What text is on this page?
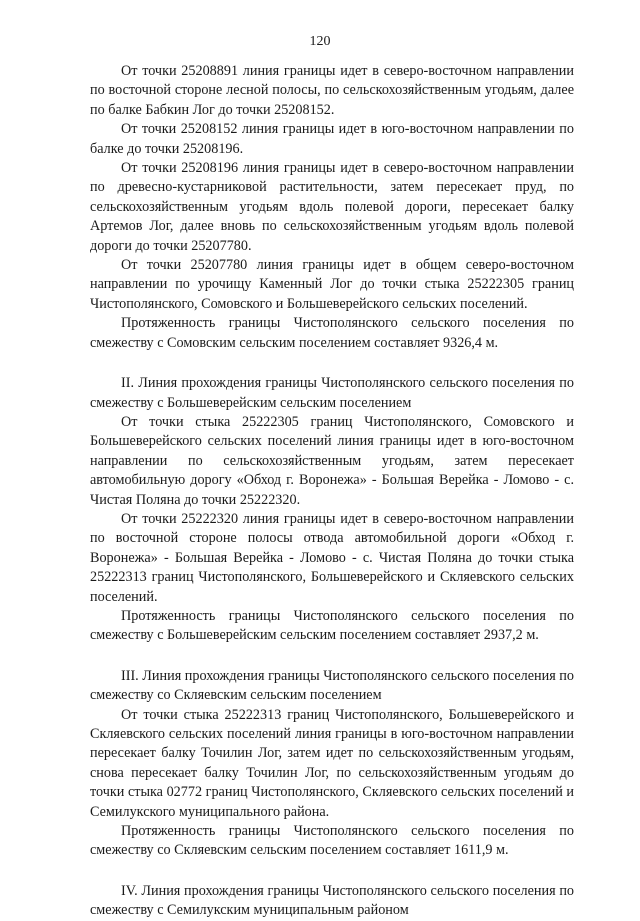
120

От точки 25208891 линия границы идет в северо-восточном направлении по восточной стороне лесной полосы, по сельскохозяйственным угодьям, далее по балке Бабкин Лог до точки 25208152.

От точки 25208152 линия границы идет в юго-восточном направлении по балке до точки 25208196.

От точки 25208196 линия границы идет в северо-восточном направлении по древесно-кустарниковой растительности, затем пересекает пруд, по сельскохозяйственным угодьям вдоль полевой дороги, пересекает балку Артемов Лог, далее вновь по сельскохозяйственным угодьям вдоль полевой дороги до точки 25207780.

От точки 25207780 линия границы идет в общем северо-восточном направлении по урочищу Каменный Лог до точки стыка 25222305 границ Чистополянского, Сомовского и Большеверейского сельских поселений.

Протяженность границы Чистополянского сельского поселения по смежеству с Сомовским сельским поселением составляет 9326,4 м.

II. Линия прохождения границы Чистополянского сельского поселения по смежеству с Большеверейским сельским поселением

От точки стыка 25222305 границ Чистополянского, Сомовского и Большеверейского сельских поселений линия границы идет в юго-восточном направлении по сельскохозяйственным угодьям, затем пересекает автомобильную дорогу «Обход г. Воронежа» - Большая Верейка - Ломово - с. Чистая Поляна до точки 25222320.

От точки 25222320 линия границы идет в северо-восточном направлении по восточной стороне полосы отвода автомобильной дороги «Обход г. Воронежа» - Большая Верейка - Ломово - с. Чистая Поляна до точки стыка 25222313 границ Чистополянского, Большеверейского и Скляевского сельских поселений.

Протяженность границы Чистополянского сельского поселения по смежеству с Большеверейским сельским поселением составляет 2937,2 м.

III. Линия прохождения границы Чистополянского сельского поселения по смежеству со Скляевским сельским поселением

От точки стыка 25222313 границ Чистополянского, Большеверейского и Скляевского сельских поселений линия границы в юго-восточном направлении пересекает балку Точилин Лог, затем идет по сельскохозяйственным угодьям, снова пересекает балку Точилин Лог, по сельскохозяйственным угодьям до точки стыка 02772 границ Чистополянского, Скляевского сельских поселений и Семилукского муниципального района.

Протяженность границы Чистополянского сельского поселения по смежеству со Скляевским сельским поселением составляет 1611,9 м.

IV. Линия прохождения границы Чистополянского сельского поселения по смежеству с Семилукским муниципальным районом
